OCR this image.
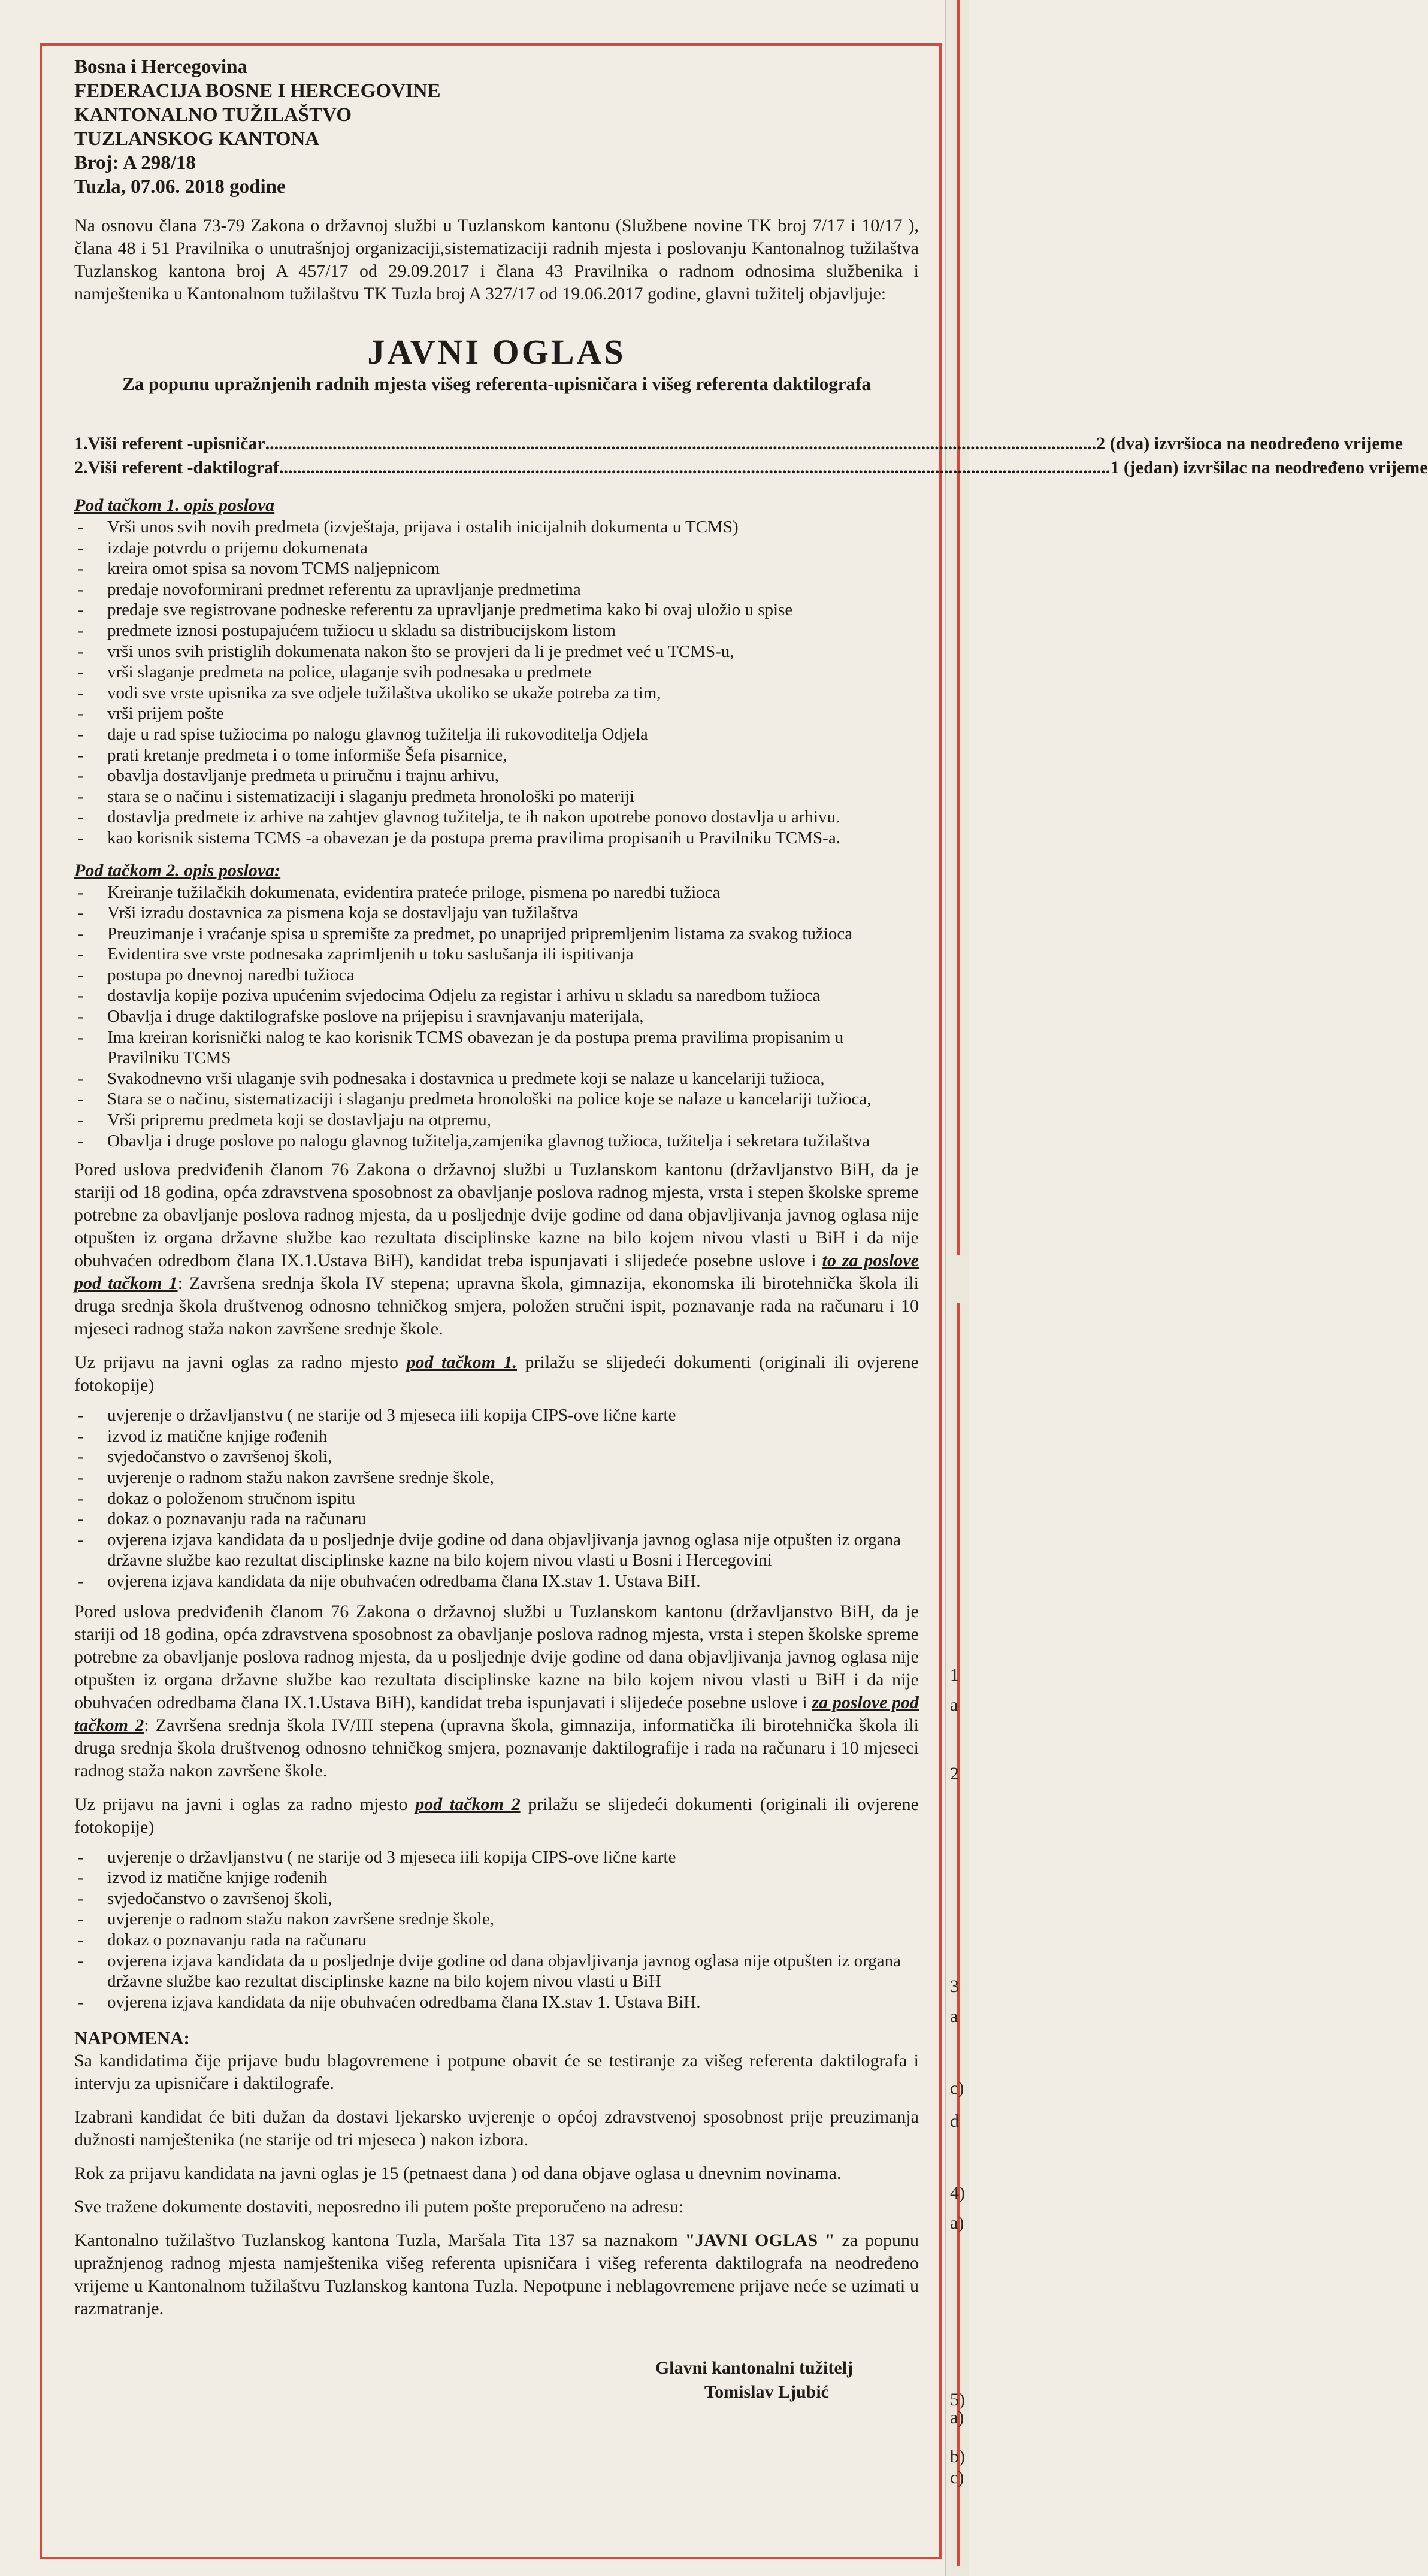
1
a
2
3
a
c)
d
4)
a)
5)
a)
b)
c)
Bosna i Hercegovina
FEDERACIJA BOSNE I HERCEGOVINE
KANTONALNO TUŽILAŠTVO
TUZLANSKOG KANTONA
Broj: A 298/18
Tuzla, 07.06. 2018 godine

Na osnovu člana 73-79 Zakona o državnoj službi u Tuzlanskom kantonu (Službene novine TK broj 7/17 i 10/17 ), člana 48 i 51 Pravilnika o unutrašnjoj organizaciji,sistematizaciji radnih mjesta i poslovanju Kantonalnog tužilaštva Tuzlanskog kantona broj A 457/17 od 29.09.2017 i člana 43 Pravilnika o radnom odnosima službenika i namještenika u Kantonalnom tužilaštvu TK Tuzla broj A 327/17 od 19.06.2017 godine, glavni tužitelj objavljuje:

JAVNI OGLAS

Za popunu upražnjenih radnih mjesta višeg referenta-upisničara i višeg referenta daktilografa

1. Viši referent -upisničar ......................................................................................................................................................................................... 2 (dva) izvršioca na neodređeno vrijeme
2. Viši referent -daktilograf ......................................................................................................................................................................................... 1 (jedan) izvršilac na neodređeno vrijeme
Pod tačkom 1. opis poslova
- Vrši unos svih novih predmeta (izvještaja, prijava i ostalih inicijalnih dokumenta u TCMS)
- izdaje potvrdu o prijemu dokumenata
- kreira omot spisa sa novom TCMS naljepnicom
- predaje novoformirani predmet referentu za upravljanje predmetima
- predaje sve registrovane podneske referentu za upravljanje predmetima kako bi ovaj uložio u spise
- predmete iznosi postupajućem tužiocu u skladu sa distribucijskom listom
- vrši unos svih pristiglih dokumenata nakon što se provjeri da li je predmet već u TCMS-u,
- vrši slaganje predmeta na police, ulaganje svih podnesaka u predmete
- vodi sve vrste upisnika za sve odjele tužilaštva ukoliko se ukaže potreba za tim,
- vrši prijem pošte
- daje u rad spise tužiocima po nalogu glavnog tužitelja ili rukovoditelja Odjela
- prati kretanje predmeta i o tome informiše Šefa pisarnice,
- obavlja dostavljanje predmeta u priručnu i trajnu arhivu,
- stara se o načinu i sistematizaciji i slaganju predmeta hronološki po materiji
- dostavlja predmete iz arhive na zahtjev glavnog tužitelja, te ih nakon upotrebe ponovo dostavlja u arhivu.
- kao korisnik sistema TCMS -a obavezan je da postupa prema pravilima propisanih u Pravilniku TCMS-a.
Pod tačkom 2. opis poslova:
- Kreiranje tužilačkih dokumenata, evidentira prateće priloge, pismena po naredbi tužioca
- Vrši izradu dostavnica za pismena koja se dostavljaju van tužilaštva
- Preuzimanje i vraćanje spisa u spremište za predmet, po unaprijed pripremljenim listama za svakog tužioca
- Evidentira sve vrste podnesaka zaprimljenih u toku saslušanja ili ispitivanja
- postupa po dnevnoj naredbi tužioca
- dostavlja kopije poziva upućenim svjedocima Odjelu za registar i arhivu u skladu sa naredbom tužioca
- Obavlja i druge daktilografske poslove na prijepisu i sravnjavanju materijala,
- Ima kreiran korisnički nalog te kao korisnik TCMS obavezan je da postupa prema pravilima propisanim u Pravilniku TCMS
- Svakodnevno vrši ulaganje svih podnesaka i dostavnica u predmete koji se nalaze u kancelariji tužioca,
- Stara se o načinu, sistematizaciji i slaganju predmeta hronološki na police koje se nalaze u kancelariji tužioca,
- Vrši pripremu predmeta koji se dostavljaju na otpremu,
- Obavlja i druge poslove po nalogu glavnog tužitelja,zamjenika glavnog tužioca, tužitelja i sekretara tužilaštva

Pored uslova predviđenih članom 76 Zakona o državnoj službi u Tuzlanskom kantonu (državljanstvo BiH, da je stariji od 18 godina, opća zdravstvena sposobnost za obavljanje poslova radnog mjesta, vrsta i stepen školske spreme potrebne za obavljanje poslova radnog mjesta, da u posljednje dvije godine od dana objavljivanja javnog oglasa nije otpušten iz organa državne službe kao rezultata disciplinske kazne na bilo kojem nivou vlasti u BiH i da nije obuhvaćen odredbom člana IX.1.Ustava BiH), kandidat treba ispunjavati i slijedeće posebne uslove i to za poslove pod tačkom 1: Završena srednja škola IV stepena; upravna škola, gimnazija, ekonomska ili birotehnička škola ili druga srednja škola društvenog odnosno tehničkog smjera, položen stručni ispit, poznavanje rada na računaru i 10 mjeseci radnog staža nakon završene srednje škole.

Uz prijavu na javni oglas za radno mjesto pod tačkom 1. prilažu se slijedeći dokumenti (originali ili ovjerene fotokopije)

- uvjerenje o državljanstvu ( ne starije od 3 mjeseca iili kopija CIPS-ove lične karte
- izvod iz matične knjige rođenih
- svjedočanstvo o završenoj školi,
- uvjerenje o radnom stažu nakon završene srednje škole,
- dokaz o položenom stručnom ispitu
- dokaz o poznavanju rada na računaru
- ovjerena izjava kandidata da u posljednje dvije godine od dana objavljivanja javnog oglasa nije otpušten iz organa državne službe kao rezultat disciplinske kazne na bilo kojem nivou vlasti u Bosni i Hercegovini
- ovjerena izjava kandidata da nije obuhvaćen odredbama člana IX.stav 1. Ustava BiH.

Pored uslova predviđenih članom 76 Zakona o državnoj službi u Tuzlanskom kantonu (državljanstvo BiH, da je stariji od 18 godina, opća zdravstvena sposobnost za obavljanje poslova radnog mjesta, vrsta i stepen školske spreme potrebne za obavljanje poslova radnog mjesta, da u posljednje dvije godine od dana objavljivanja javnog oglasa nije otpušten iz organa državne službe kao rezultata disciplinske kazne na bilo kojem nivou vlasti u BiH i da nije obuhvaćen odredbama člana IX.1.Ustava BiH), kandidat treba ispunjavati i slijedeće posebne uslove i za poslove pod tačkom 2: Završena srednja škola IV/III stepena (upravna škola, gimnazija, informatička ili birotehnička škola ili druga srednja škola društvenog odnosno tehničkog smjera, poznavanje daktilografije i rada na računaru i 10 mjeseci radnog staža nakon završene škole.

Uz prijavu na javni i oglas za radno mjesto pod tačkom 2 prilažu se slijedeći dokumenti (originali ili ovjerene fotokopije)

- uvjerenje o državljanstvu ( ne starije od 3 mjeseca iili kopija CIPS-ove lične karte
- izvod iz matične knjige rođenih
- svjedočanstvo o završenoj školi,
- uvjerenje o radnom stažu nakon završene srednje škole,
- dokaz o poznavanju rada na računaru
- ovjerena izjava kandidata da u posljednje dvije godine od dana objavljivanja javnog oglasa nije otpušten iz organa državne službe kao rezultat disciplinske kazne na bilo kojem nivou vlasti u BiH
- ovjerena izjava kandidata da nije obuhvaćen odredbama člana IX.stav 1. Ustava BiH.
NAPOMENA:

Sa kandidatima čije prijave budu blagovremene i potpune obavit će se testiranje za višeg referenta daktilografa i intervju za upisničare i daktilografe.

Izabrani kandidat će biti dužan da dostavi ljekarsko uvjerenje o općoj zdravstvenoj sposobnost prije preuzimanja dužnosti namještenika (ne starije od tri mjeseca ) nakon izbora.

Rok za prijavu kandidata na javni oglas je 15 (petnaest dana ) od dana objave oglasa u dnevnim novinama.

Sve tražene dokumente dostaviti, neposredno ili putem pošte preporučeno na adresu:

Kantonalno tužilaštvo Tuzlanskog kantona Tuzla, Maršala Tita 137 sa naznakom "JAVNI OGLAS " za popunu upražnjenog radnog mjesta namještenika višeg referenta upisničara i višeg referenta daktilografa na neodređeno vrijeme u Kantonalnom tužilaštvu Tuzlanskog kantona Tuzla. Nepotpune i neblagovremene prijave neće se uzimati u razmatranje.

Glavni kantonalni tužitelj
Tomislav Ljubić
